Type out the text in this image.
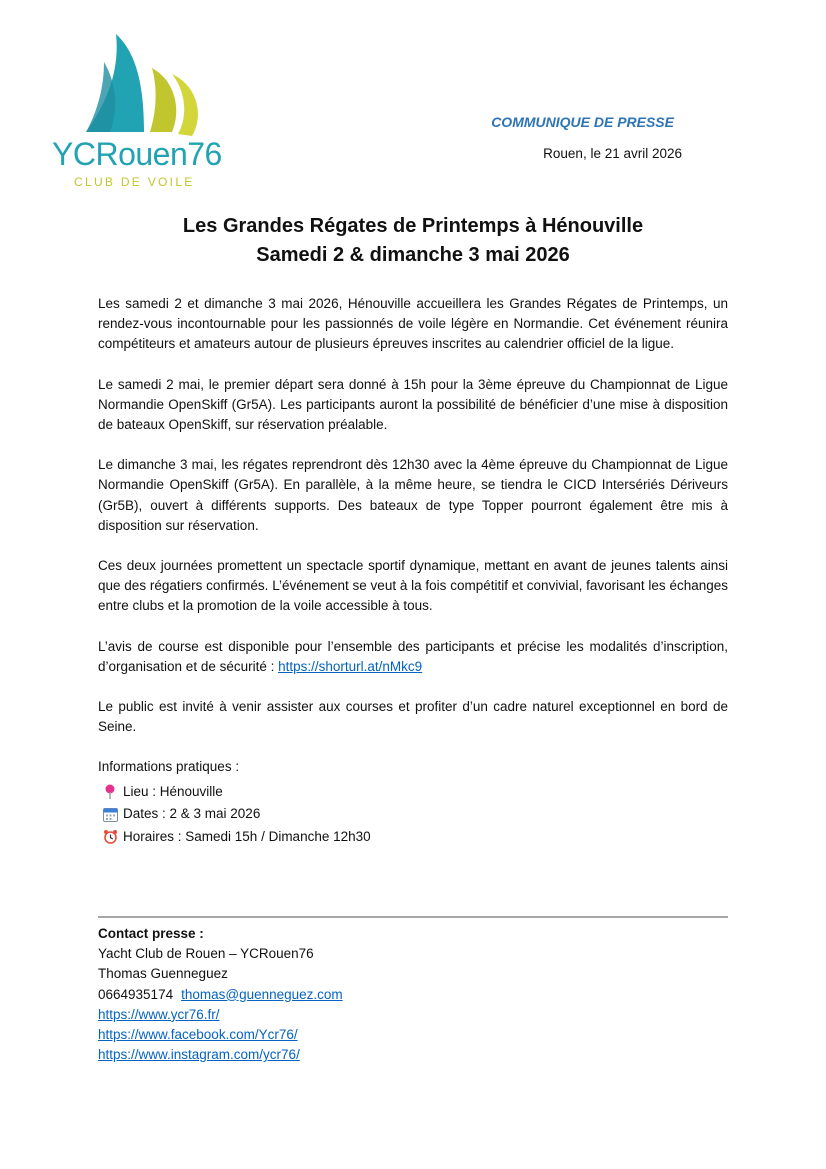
YCRouen76
CLUB DE VOILE
COMMUNIQUE DE PRESSE
Rouen, le 21 avril 2026
Les Grandes Régates de Printemps à Hénouville
Samedi 2 & dimanche 3 mai 2026

Les samedi 2 et dimanche 3 mai 2026, Hénouville accueillera les Grandes Régates de Printemps, un rendez-vous incontournable pour les passionnés de voile légère en Normandie. Cet événement réunira compétiteurs et amateurs autour de plusieurs épreuves inscrites au calendrier officiel de la ligue.

Le samedi 2 mai, le premier départ sera donné à 15h pour la 3ème épreuve du Championnat de Ligue Normandie OpenSkiff (Gr5A). Les participants auront la possibilité de bénéficier d’une mise à disposition de bateaux OpenSkiff, sur réservation préalable.

Le dimanche 3 mai, les régates reprendront dès 12h30 avec la 4ème épreuve du Championnat de Ligue Normandie OpenSkiff (Gr5A). En parallèle, à la même heure, se tiendra le CICD Intersériés Dériveurs (Gr5B), ouvert à différents supports. Des bateaux de type Topper pourront également être mis à disposition sur réservation.

Ces deux journées promettent un spectacle sportif dynamique, mettant en avant de jeunes talents ainsi que des régatiers confirmés. L’événement se veut à la fois compétitif et convivial, favorisant les échanges entre clubs et la promotion de la voile accessible à tous.

L’avis de course est disponible pour l’ensemble des participants et précise les modalités d’inscription, d’organisation et de sécurité : https://shorturl.at/nMkc9

Le public est invité à venir assister aux courses et profiter d’un cadre naturel exceptionnel en bord de Seine.

Informations pratiques :
Lieu : Hénouville
Dates : 2 & 3 mai 2026
Horaires : Samedi 15h / Dimanche 12h30
Contact presse :
Yacht Club de Rouen – YCRouen76
Thomas Guenneguez
0664935174 thomas@guenneguez.com
https://www.ycr76.fr/
https://www.facebook.com/Ycr76/
https://www.instagram.com/ycr76/
